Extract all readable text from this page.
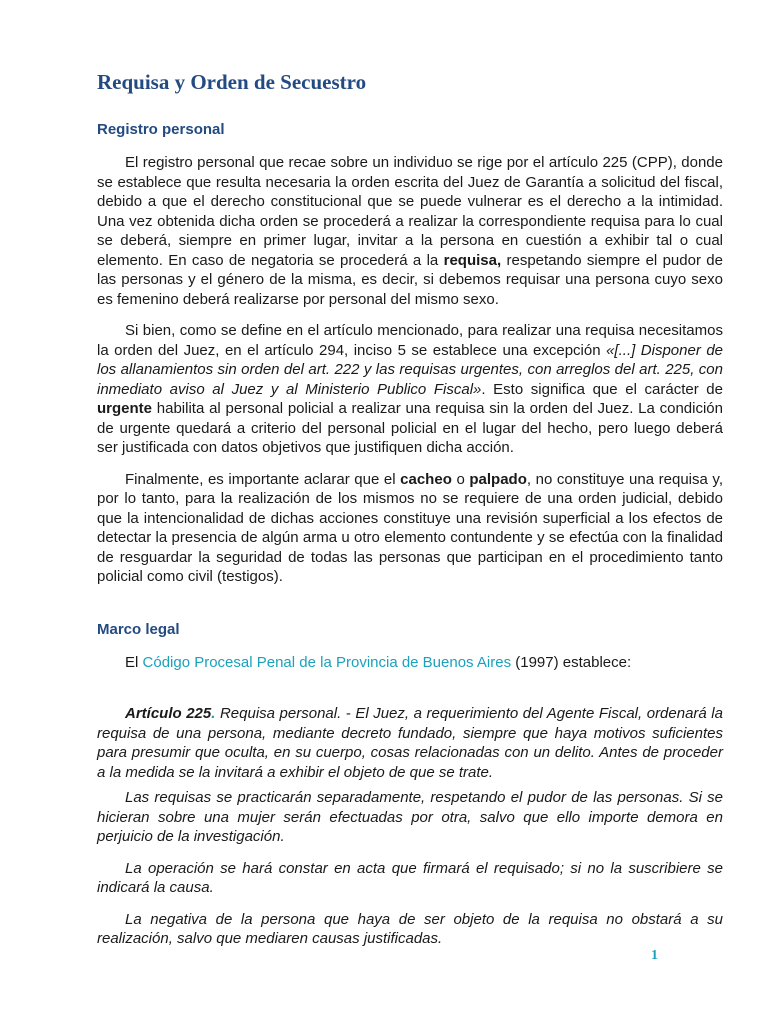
Requisa y Orden de Secuestro
Registro personal

El registro personal que recae sobre un individuo se rige por el artículo 225 (CPP), donde se establece que resulta necesaria la orden escrita del Juez de Garantía a solicitud del fiscal, debido a que el derecho constitucional que se puede vulnerar es el derecho a la intimidad. Una vez obtenida dicha orden se procederá a realizar la correspondiente requisa para lo cual se deberá, siempre en primer lugar, invitar a la persona en cuestión a exhibir tal o cual elemento. En caso de negatoria se procederá a la requisa, respetando siempre el pudor de las personas y el género de la misma, es decir, si debemos requisar una persona cuyo sexo es femenino deberá realizarse por personal del mismo sexo.

Si bien, como se define en el artículo mencionado, para realizar una requisa necesitamos la orden del Juez, en el artículo 294, inciso 5 se establece una excepción «[...] Disponer de los allanamientos sin orden del art. 222 y las requisas urgentes, con arreglos del art. 225, con inmediato aviso al Juez y al Ministerio Publico Fiscal». Esto significa que el carácter de urgente habilita al personal policial a realizar una requisa sin la orden del Juez. La condición de urgente quedará a criterio del personal policial en el lugar del hecho, pero luego deberá ser justificada con datos objetivos que justifiquen dicha acción.

Finalmente, es importante aclarar que el cacheo o palpado, no constituye una requisa y, por lo tanto, para la realización de los mismos no se requiere de una orden judicial, debido que la intencionalidad de dichas acciones constituye una revisión superficial a los efectos de detectar la presencia de algún arma u otro elemento contundente y se efectúa con la finalidad de resguardar la seguridad de todas las personas que participan en el procedimiento tanto policial como civil (testigos).

Marco legal

El Código Procesal Penal de la Provincia de Buenos Aires (1997) establece:

Artículo 225. Requisa personal. - El Juez, a requerimiento del Agente Fiscal, ordenará la requisa de una persona, mediante decreto fundado, siempre que haya motivos suficientes para presumir que oculta, en su cuerpo, cosas relacionadas con un delito. Antes de proceder a la medida se la invitará a exhibir el objeto de que se trate.

Las requisas se practicarán separadamente, respetando el pudor de las personas. Si se hicieran sobre una mujer serán efectuadas por otra, salvo que ello importe demora en perjuicio de la investigación.

La operación se hará constar en acta que firmará el requisado; si no la suscribiere se indicará la causa.

La negativa de la persona que haya de ser objeto de la requisa no obstará a su realización, salvo que mediaren causas justificadas.

1
